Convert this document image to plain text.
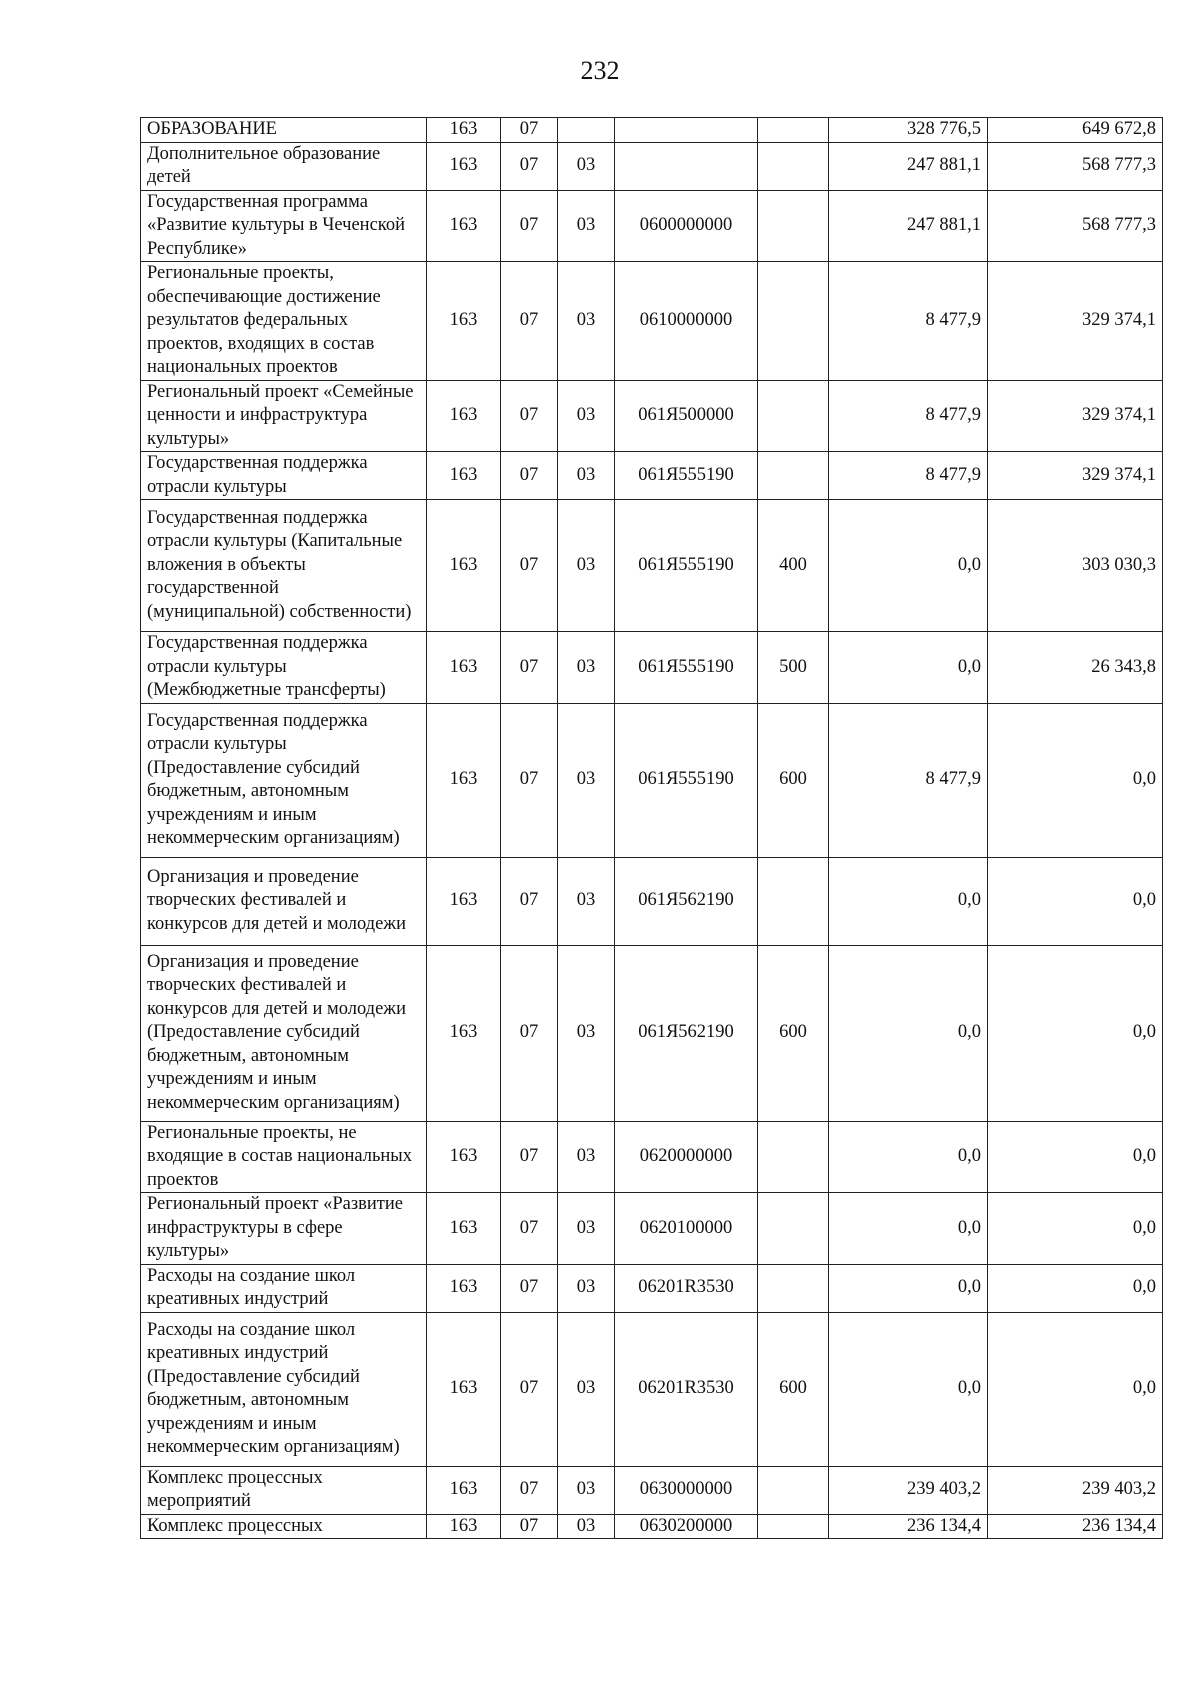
232
ОБРАЗОВАНИЕ	163	07				328 776,5	649 672,8
Дополнительное образование детей	163	07	03			247 881,1	568 777,3
Государственная программа «Развитие культуры в Чеченской Республике»	163	07	03	0600000000		247 881,1	568 777,3
Региональные проекты, обеспечивающие достижение результатов федеральных проектов, входящих в состав национальных проектов	163	07	03	0610000000		8 477,9	329 374,1
Региональный проект «Семейные ценности и инфраструктура культуры»	163	07	03	061Я500000		8 477,9	329 374,1
Государственная поддержка отрасли культуры	163	07	03	061Я555190		8 477,9	329 374,1
Государственная поддержка отрасли культуры (Капитальные вложения в объекты государственной (муниципальной) собственности)	163	07	03	061Я555190	400	0,0	303 030,3
Государственная поддержка отрасли культуры (Межбюджетные трансферты)	163	07	03	061Я555190	500	0,0	26 343,8
Государственная поддержка отрасли культуры (Предоставление субсидий бюджетным, автономным учреждениям и иным некоммерческим организациям)	163	07	03	061Я555190	600	8 477,9	0,0
Организация и проведение творческих фестивалей и конкурсов для детей и молодежи	163	07	03	061Я562190		0,0	0,0
Организация и проведение творческих фестивалей и конкурсов для детей и молодежи (Предоставление субсидий бюджетным, автономным учреждениям и иным некоммерческим организациям)	163	07	03	061Я562190	600	0,0	0,0
Региональные проекты, не входящие в состав национальных проектов	163	07	03	0620000000		0,0	0,0
Региональный проект «Развитие инфраструктуры в сфере культуры»	163	07	03	0620100000		0,0	0,0
Расходы на создание школ креативных индустрий	163	07	03	06201R3530		0,0	0,0
Расходы на создание школ креативных индустрий (Предоставление субсидий бюджетным, автономным учреждениям и иным некоммерческим организациям)	163	07	03	06201R3530	600	0,0	0,0
Комплекс процессных мероприятий	163	07	03	0630000000		239 403,2	239 403,2
Комплекс процессных	163	07	03	0630200000		236 134,4	236 134,4
